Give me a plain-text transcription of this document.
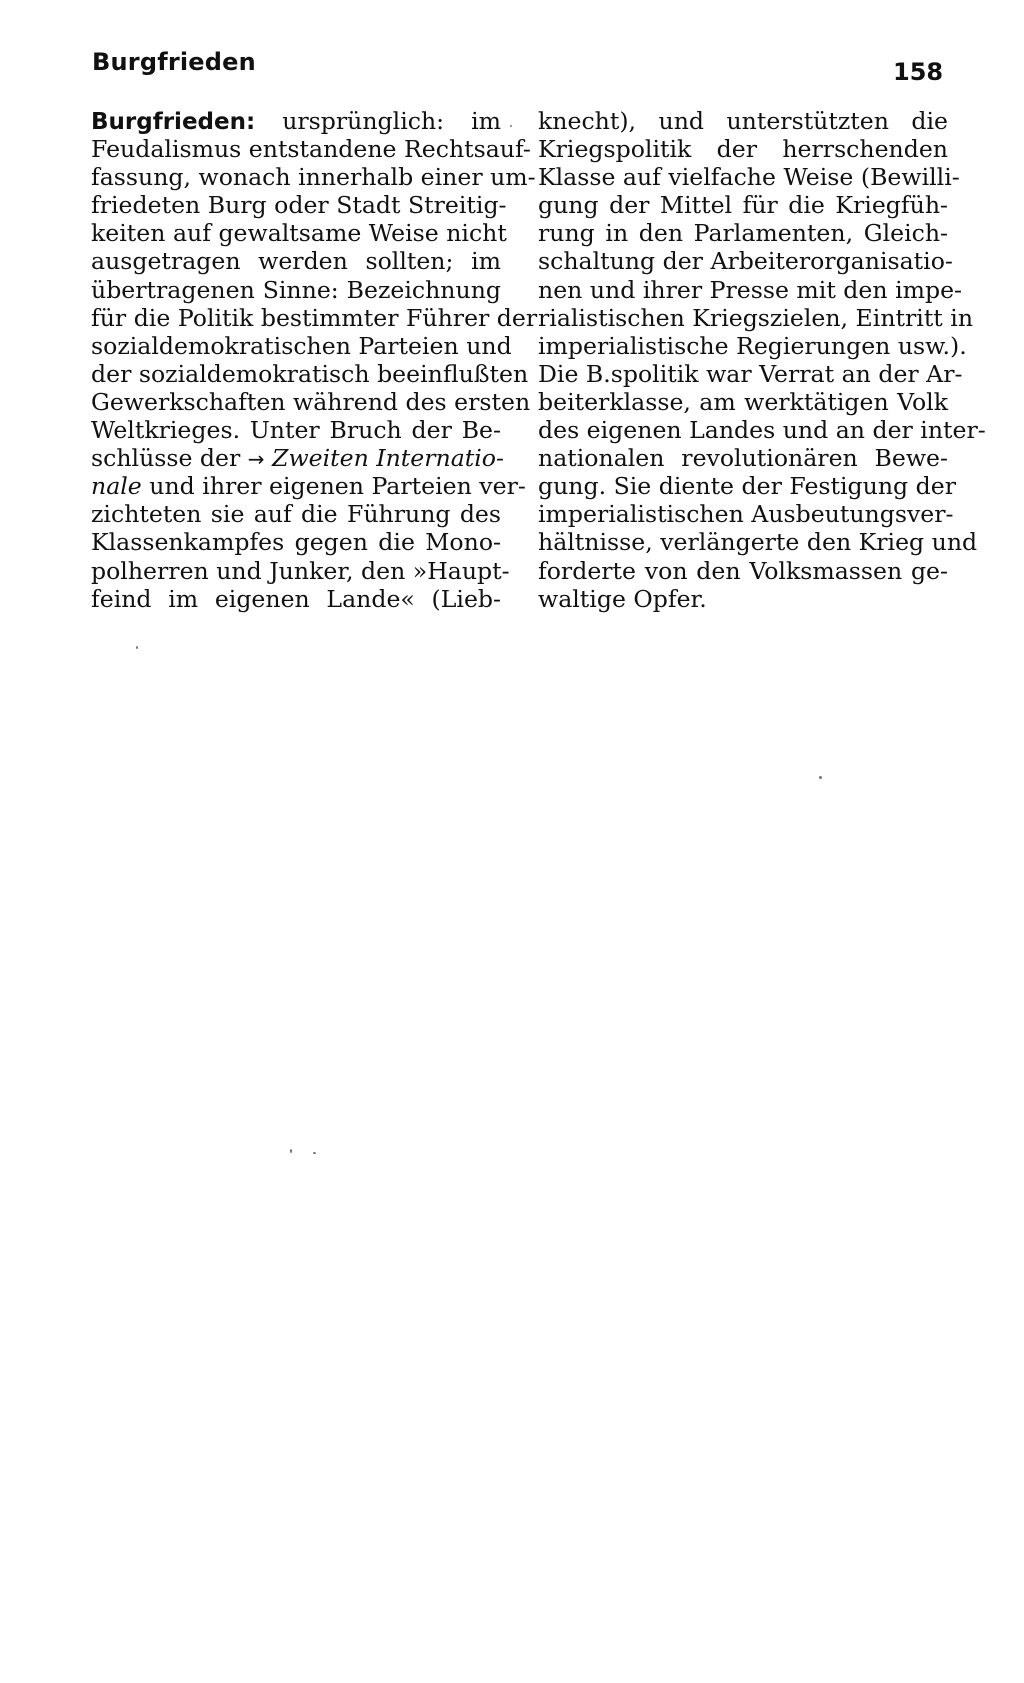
Burgfrieden	158
Burgfrieden: ursprünglich: im
Feudalismus entstandene Rechtsauf-
fassung, wonach innerhalb einer um-
friedeten Burg oder Stadt Streitig-
keiten auf gewaltsame Weise nicht
ausgetragen werden sollten; im
übertragenen Sinne: Bezeichnung
für die Politik bestimmter Führer der
sozialdemokratischen Parteien und
der sozialdemokratisch beeinflußten
Gewerkschaften während des ersten
Weltkrieges. Unter Bruch der Be-
schlüsse der → Zweiten Internatio-
nale und ihrer eigenen Parteien ver-
zichteten sie auf die Führung des
Klassenkampfes gegen die Mono-
polherren und Junker, den »Haupt-
feind im eigenen Lande« (Lieb-
knecht), und unterstützten die
Kriegspolitik der herrschenden
Klasse auf vielfache Weise (Bewilli-
gung der Mittel für die Kriegfüh-
rung in den Parlamenten, Gleich-
schaltung der Arbeiterorganisatio-
nen und ihrer Presse mit den impe-
rialistischen Kriegszielen, Eintritt in
imperialistische Regierungen usw.).
Die B.spolitik war Verrat an der Ar-
beiterklasse, am werktätigen Volk
des eigenen Landes und an der inter-
nationalen revolutionären Bewe-
gung. Sie diente der Festigung der
imperialistischen Ausbeutungsver-
hältnisse, verlängerte den Krieg und
forderte von den Volksmassen ge-
waltige Opfer.
